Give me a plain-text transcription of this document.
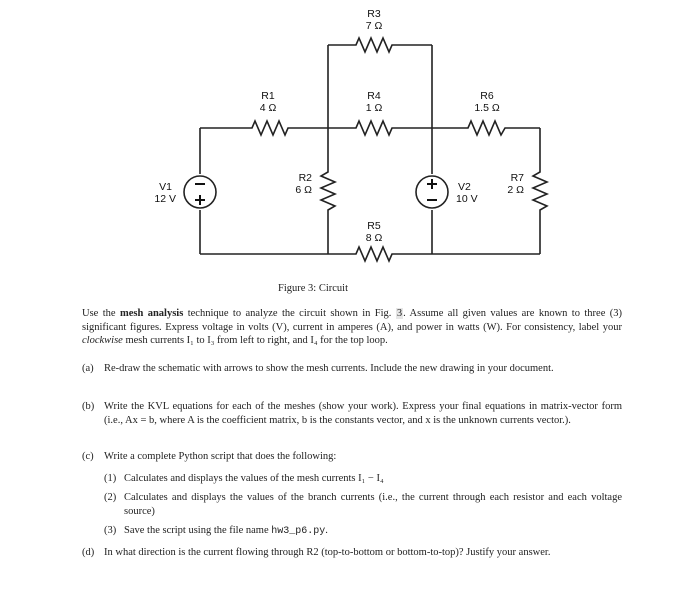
R3
7 Ω
R1
4 Ω
R4
1 Ω
R6
1.5 Ω
R2
6 Ω
R7
2 Ω
R5
8 Ω
V1
12 V
V2
10 V
Figure 3: Circuit
Use the mesh analysis technique to analyze the circuit shown in Fig. 3. Assume all given values are known to three (3) significant figures. Express voltage in volts (V), current in amperes (A), and power in watts (W). For consistency, label your clockwise mesh currents I₁ to I₃ from left to right, and I₄ for the top loop.
(a) Re-draw the schematic with arrows to show the mesh currents. Include the new drawing in your document.
(b) Write the KVL equations for each of the meshes (show your work). Express your final equations in matrix-vector form (i.e., Ax = b, where A is the coefficient matrix, b is the constants vector, and x is the unknown currents vector.).
(c) Write a complete Python script that does the following:
(1) Calculates and displays the values of the mesh currents I₁ − I₄
(2) Calculates and displays the values of the branch currents (i.e., the current through each resistor and each voltage source)
(3) Save the script using the file name hw3_p6.py.
(d) In what direction is the current flowing through R2 (top-to-bottom or bottom-to-top)? Justify your answer.
